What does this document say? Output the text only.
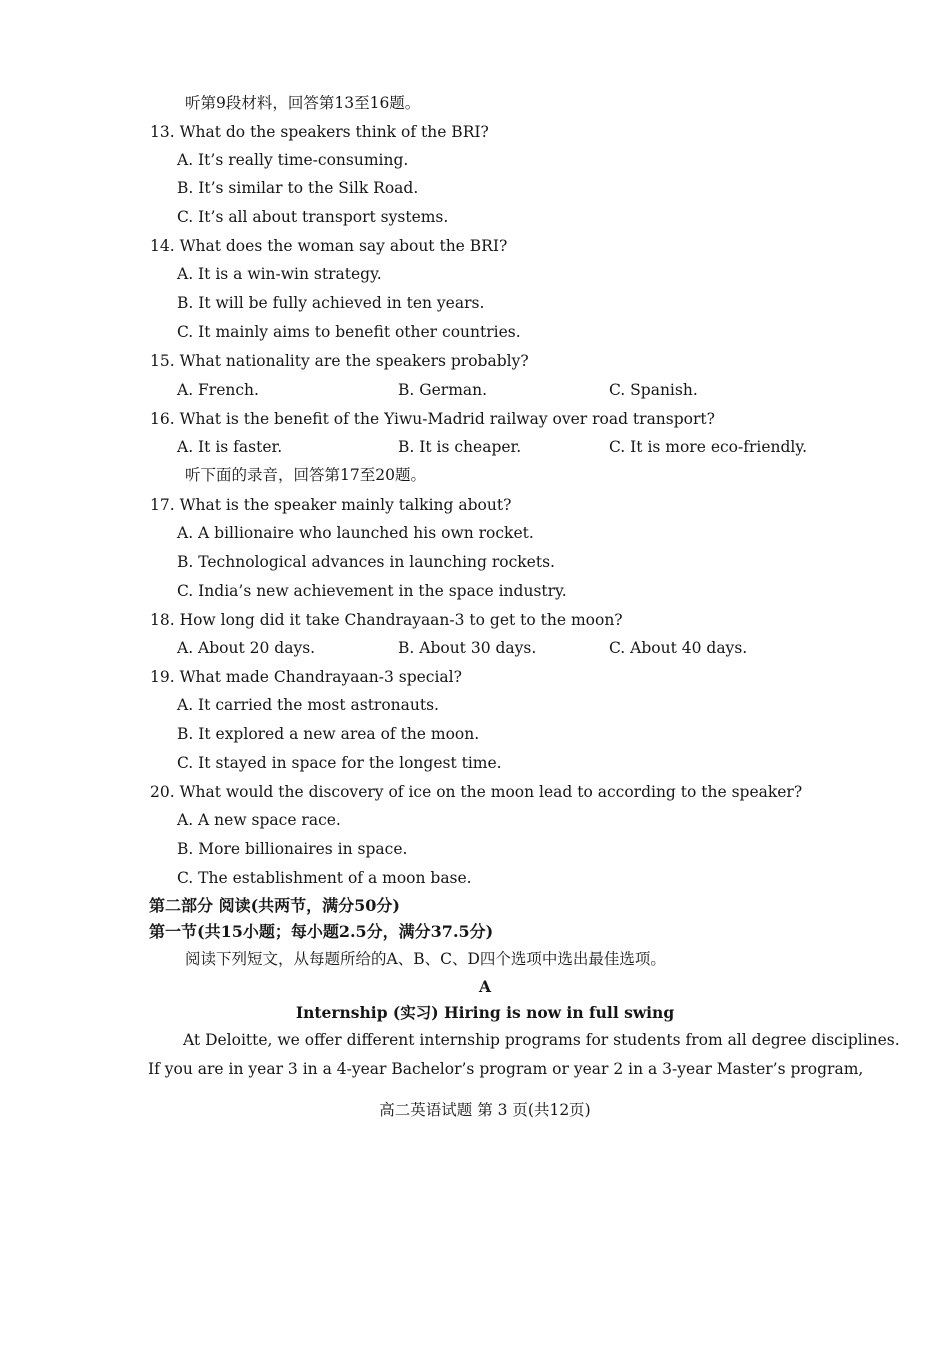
听第9段材料，回答第13至16题。
13. What do the speakers think of the BRI?
A. It’s really time-consuming.
B. It’s similar to the Silk Road.
C. It’s all about transport systems.
14. What does the woman say about the BRI?
A. It is a win-win strategy.
B. It will be fully achieved in ten years.
C. It mainly aims to benefit other countries.
15. What nationality are the speakers probably?
A. French.	B. German.	C. Spanish.
16. What is the benefit of the Yiwu-Madrid railway over road transport?
A. It is faster.	B. It is cheaper.	C. It is more eco-friendly.
听下面的录音，回答第17至20题。
17. What is the speaker mainly talking about?
A. A billionaire who launched his own rocket.
B. Technological advances in launching rockets.
C. India’s new achievement in the space industry.
18. How long did it take Chandrayaan-3 to get to the moon?
A. About 20 days.	B. About 30 days.	C. About 40 days.
19. What made Chandrayaan-3 special?
A. It carried the most astronauts.
B. It explored a new area of the moon.
C. It stayed in space for the longest time.
20. What would the discovery of ice on the moon lead to according to the speaker?
A. A new space race.
B. More billionaires in space.
C. The establishment of a moon base.
第二部分 阅读(共两节，满分50分)
第一节(共15小题；每小题2.5分，满分37.5分)
阅读下列短文，从每题所给的A、B、C、D四个选项中选出最佳选项。
A
Internship (实习) Hiring is now in full swing
At Deloitte, we offer different internship programs for students from all degree disciplines.
If you are in year 3 in a 4-year Bachelor’s program or year 2 in a 3-year Master’s program,
高二英语试题 第 3 页(共12页)
